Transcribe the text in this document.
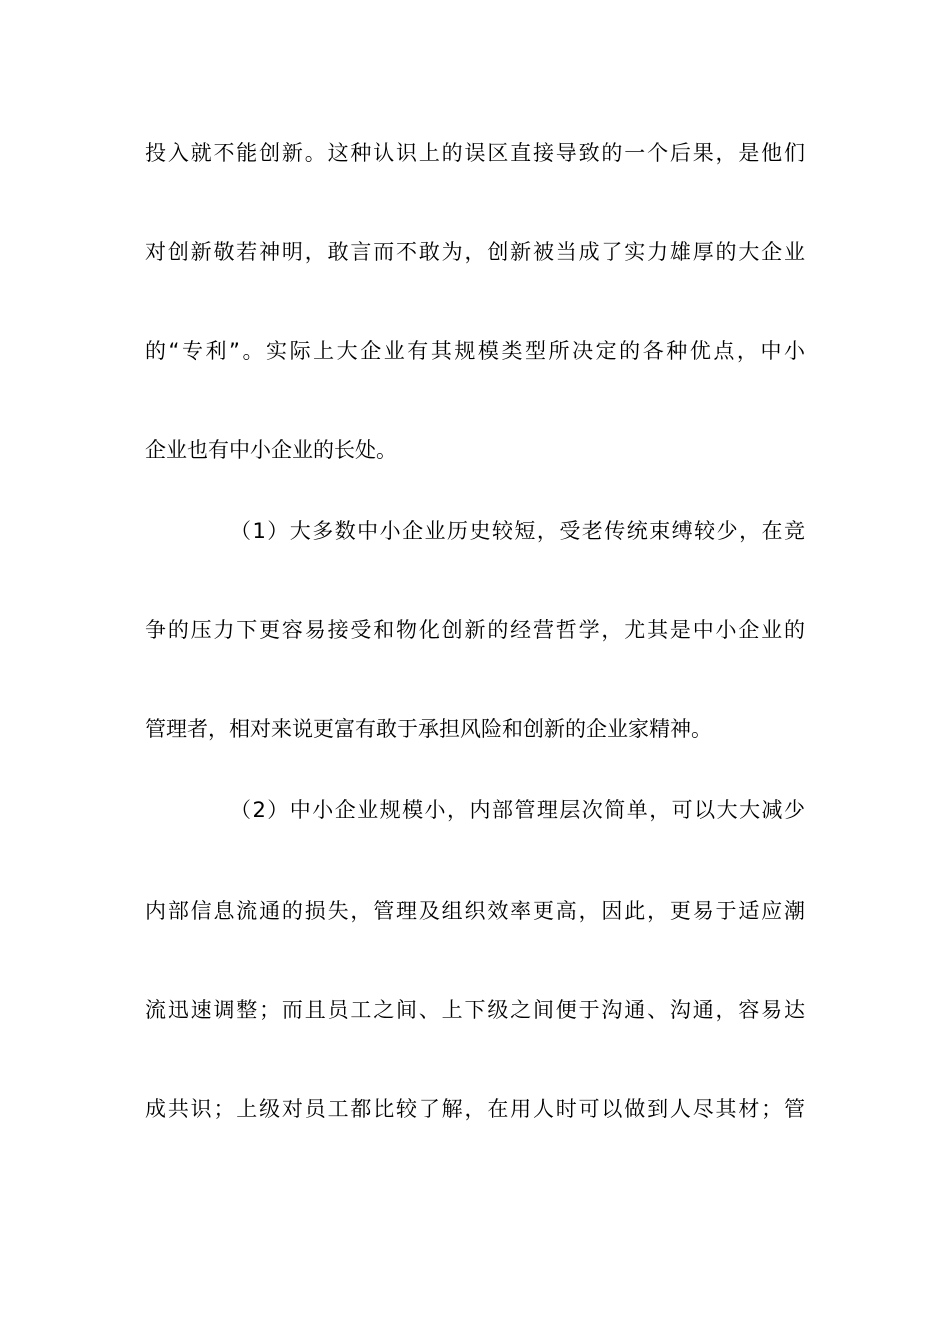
投入就不能创新。这种认识上的误区直接导致的一个后果，是他们
对创新敬若神明，敢言而不敢为，创新被当成了实力雄厚的大企业
的“专利”。实际上大企业有其规模类型所决定的各种优点，中小
企业也有中小企业的长处。
（1）大多数中小企业历史较短，受老传统束缚较少，在竞
争的压力下更容易接受和物化创新的经营哲学，尤其是中小企业的
管理者，相对来说更富有敢于承担风险和创新的企业家精神。
（2）中小企业规模小，内部管理层次简单，可以大大减少
内部信息流通的损失，管理及组织效率更高，因此，更易于适应潮
流迅速调整；而且员工之间、上下级之间便于沟通、沟通，容易达
成共识；上级对员工都比较了解，在用人时可以做到人尽其材；管
